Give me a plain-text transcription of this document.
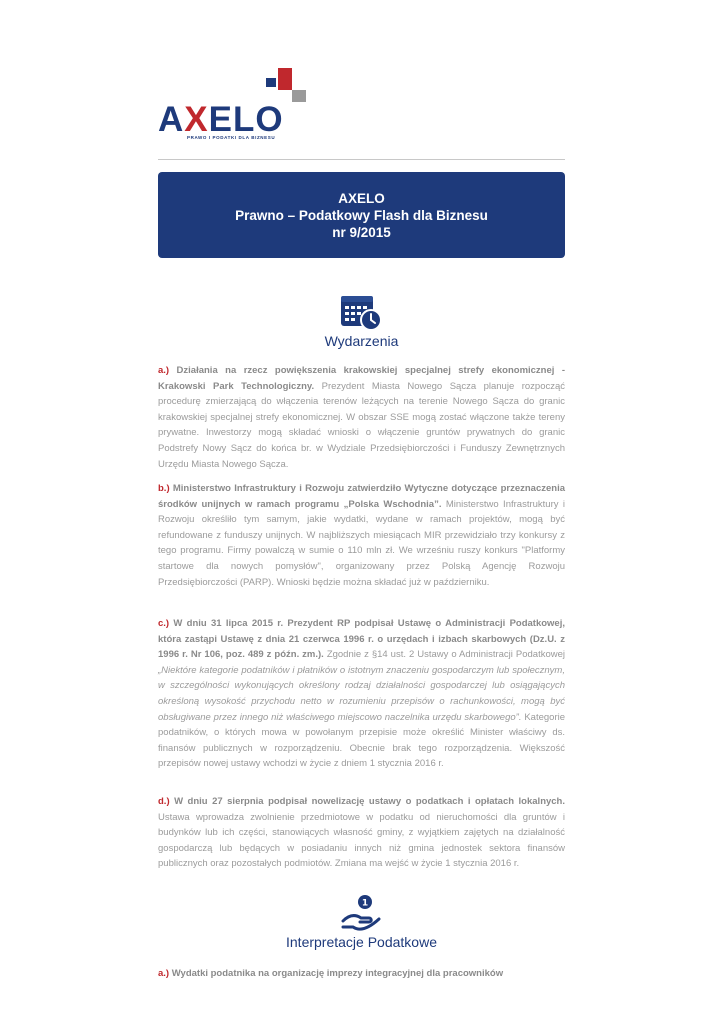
AXELO
PRAWO I PODATKI DLA BIZNESU
AXELO
Prawno – Podatkowy Flash dla Biznesu
nr 9/2015
Wydarzenia

a.) Działania na rzecz powiększenia krakowskiej specjalnej strefy ekonomicznej - Krakowski Park Technologiczny. Prezydent Miasta Nowego Sącza planuje rozpocząć procedurę zmierzającą do włączenia terenów leżących na terenie Nowego Sącza do granic krakowskiej specjalnej strefy ekonomicznej. W obszar SSE mogą zostać włączone także tereny prywatne. Inwestorzy mogą składać wnioski o włączenie gruntów prywatnych do granic Podstrefy Nowy Sącz do końca br. w Wydziale Przedsiębiorczości i Funduszy Zewnętrznych Urzędu Miasta Nowego Sącza.

b.) Ministerstwo Infrastruktury i Rozwoju zatwierdziło Wytyczne dotyczące przeznaczenia środków unijnych w ramach programu „Polska Wschodnia”. Ministerstwo Infrastruktury i Rozwoju określiło tym samym, jakie wydatki, wydane w ramach projektów, mogą być refundowane z funduszy unijnych. W najbliższych miesiącach MIR przewidziało trzy konkursy z tego programu. Firmy powalczą w sumie o 110 mln zł. We wrześniu ruszy konkurs "Platformy startowe dla nowych pomysłów", organizowany przez Polską Agencję Rozwoju Przedsiębiorczości (PARP). Wnioski będzie można składać już w październiku.

c.) W dniu 31 lipca 2015 r. Prezydent RP podpisał Ustawę o Administracji Podatkowej, która zastąpi Ustawę z dnia 21 czerwca 1996 r. o urzędach i izbach skarbowych (Dz.U. z 1996 r. Nr 106, poz. 489 z późn. zm.). Zgodnie z §14 ust. 2 Ustawy o Administracji Podatkowej „Niektóre kategorie podatników i płatników o istotnym znaczeniu gospodarczym lub społecznym, w szczególności wykonujących określony rodzaj działalności gospodarczej lub osiągających określoną wysokość przychodu netto w rozumieniu przepisów o rachunkowości, mogą być obsługiwane przez innego niż właściwego miejscowo naczelnika urzędu skarbowego”. Kategorie podatników, o których mowa w powołanym przepisie może określić Minister właściwy ds. finansów publicznych w rozporządzeniu. Obecnie brak tego rozporządzenia. Większość przepisów nowej ustawy wchodzi w życie z dniem 1 stycznia 2016 r.

d.) W dniu 27 sierpnia podpisał nowelizację ustawy o podatkach i opłatach lokalnych. Ustawa wprowadza zwolnienie przedmiotowe w podatku od nieruchomości dla gruntów i budynków lub ich części, stanowiących własność gminy, z wyjątkiem zajętych na działalność gospodarczą lub będących w posiadaniu innych niż gmina jednostek sektora finansów publicznych oraz pozostałych podmiotów. Zmiana ma wejść w życie 1 stycznia 2016 r.

1
Interpretacje Podatkowe

a.) Wydatki podatnika na organizację imprezy integracyjnej dla pracowników
